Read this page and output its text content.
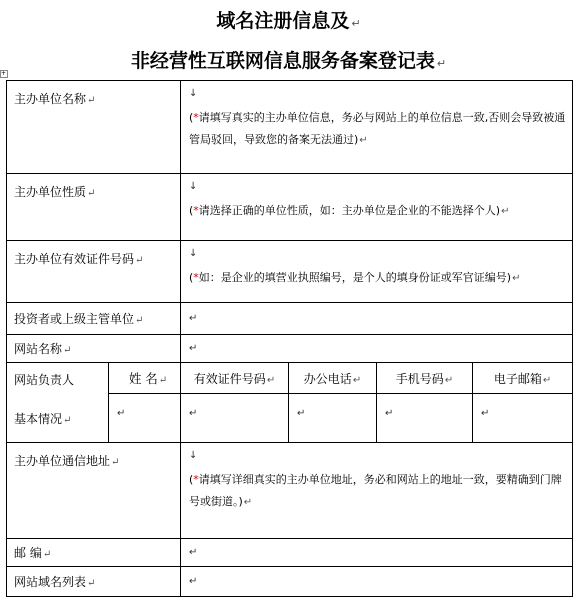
域名注册信息及 ↵
非经营性互联网信息服务备案登记表 ↵
+
主办单位名称↵		↓
(*请填写真实的主办单位信息，务必与网站上的单位信息一致,否则会导致被通管局驳回，导致您的备案无法通过)↵			

主办单位性质↵		↓
(*请选择正确的单位性质，如：主办单位是企业的不能选择个人)↵			

主办单位有效证件号码↵		↓
(*如：是企业的填营业执照编号，是个人的填身份证或军官证编号)↵			

投资者或上级主管单位↵		↵			

网站名称↵		↵			

网站负责人
基本情况↵	姓 名↵	有效证件号码↵	办公电话↵	手机号码↵	电子邮箱↵

	↵	↵	↵	↵	↵

主办单位通信地址↵		↓
(*请填写详细真实的主办单位地址，务必和网站上的地址一致，要精确到门牌号或街道。)↵			

邮 编↵		↵			

网站域名列表↵		↵			
